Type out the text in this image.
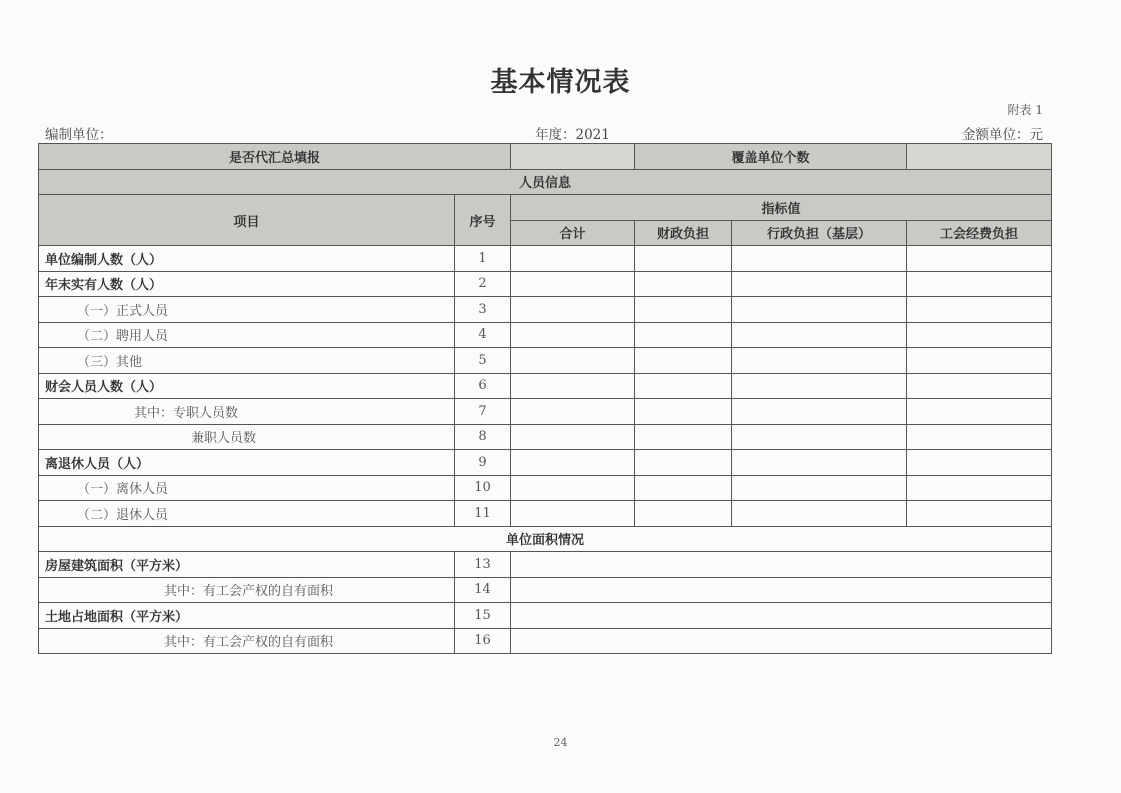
基本情况表
附表 1
编制单位：	年度：2021	金额单位：元
是否代汇总填报			覆盖单位个数		
人员信息					
项目	序号	指标值			
		合计	财政负担	行政负担（基层）	工会经费负担
单位编制人数（人）	1				
年末实有人数（人）	2				
（一）正式人员	3				
（二）聘用人员	4				
（三）其他	5				
财会人员人数（人）	6				
其中：专职人员数	7				
兼职人员数	8				
离退休人员（人）	9				
（一）离休人员	10				
（二）退休人员	11				
单位面积情况					
房屋建筑面积（平方米）	13				
其中：有工会产权的自有面积	14				
土地占地面积（平方米）	15				
其中：有工会产权的自有面积	16				
24
